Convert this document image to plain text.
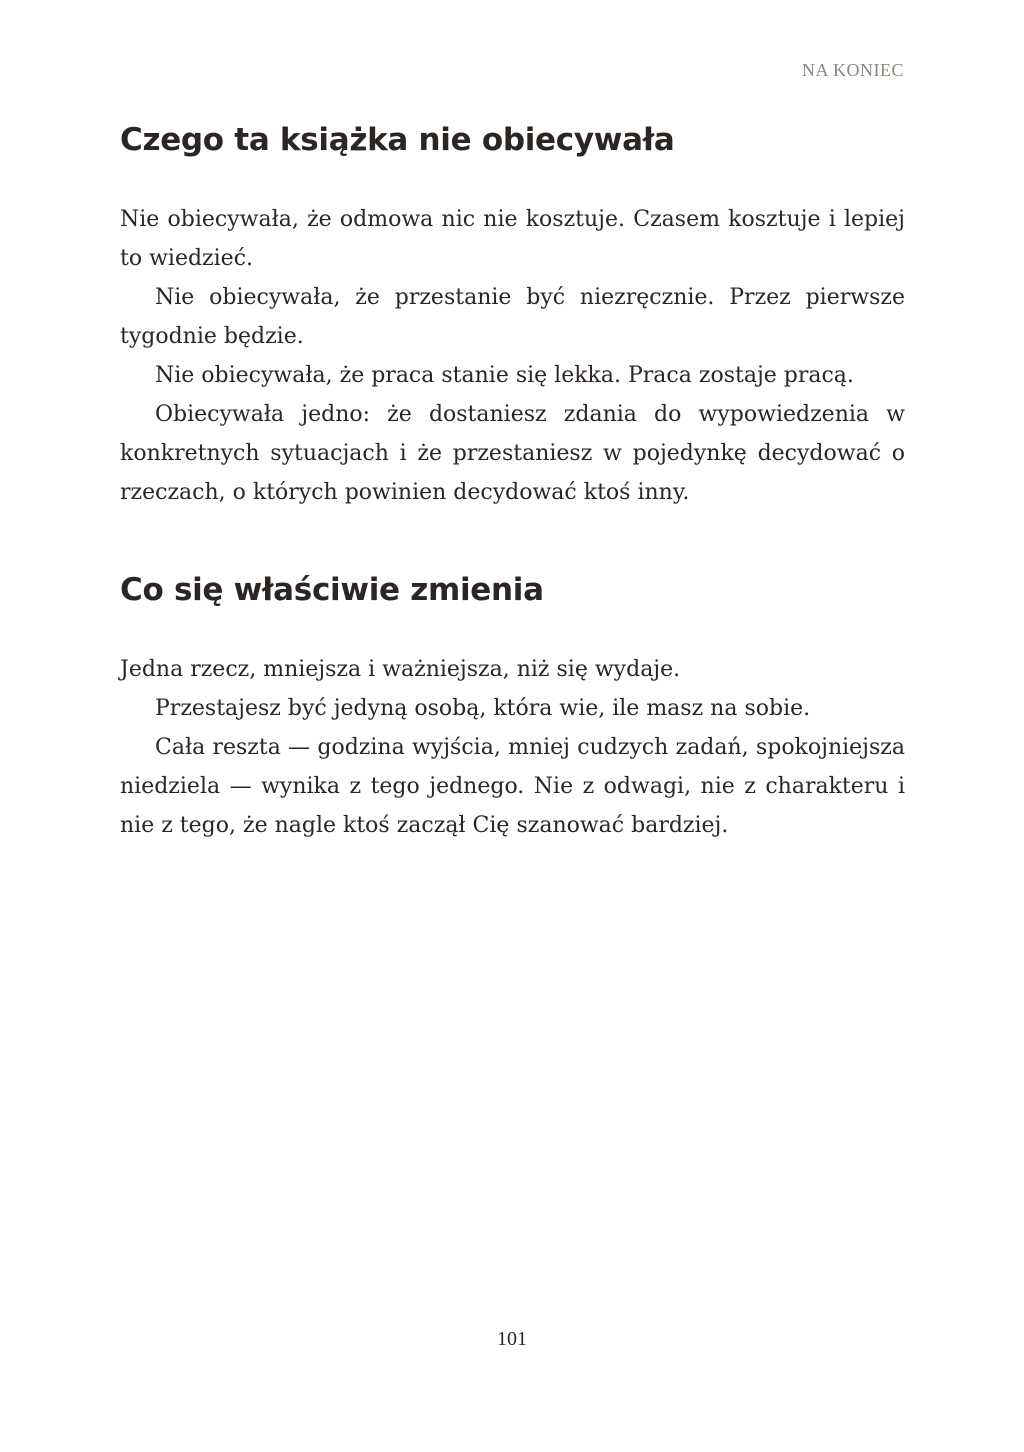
NA KONIEC
Czego ta książka nie obiecywała

Nie obiecywała, że odmowa nic nie kosztuje. Czasem kosztuje i lepiej to wiedzieć.

Nie obiecywała, że przestanie być niezręcznie. Przez pierwsze tygodnie będzie.

Nie obiecywała, że praca stanie się lekka. Praca zostaje pracą.

Obiecywała jedno: że dostaniesz zdania do wypowiedzenia w konkretnych sytuacjach i że przestaniesz w pojedynkę decydować o rzeczach, o których powinien decydować ktoś inny.

Co się właściwie zmienia

Jedna rzecz, mniejsza i ważniejsza, niż się wydaje.

Przestajesz być jedyną osobą, która wie, ile masz na sobie.

Cała reszta — godzina wyjścia, mniej cudzych zadań, spokojniejsza niedziela — wynika z tego jednego. Nie z odwagi, nie z charakteru i nie z tego, że nagle ktoś zaczął Cię szanować bardziej.

101
